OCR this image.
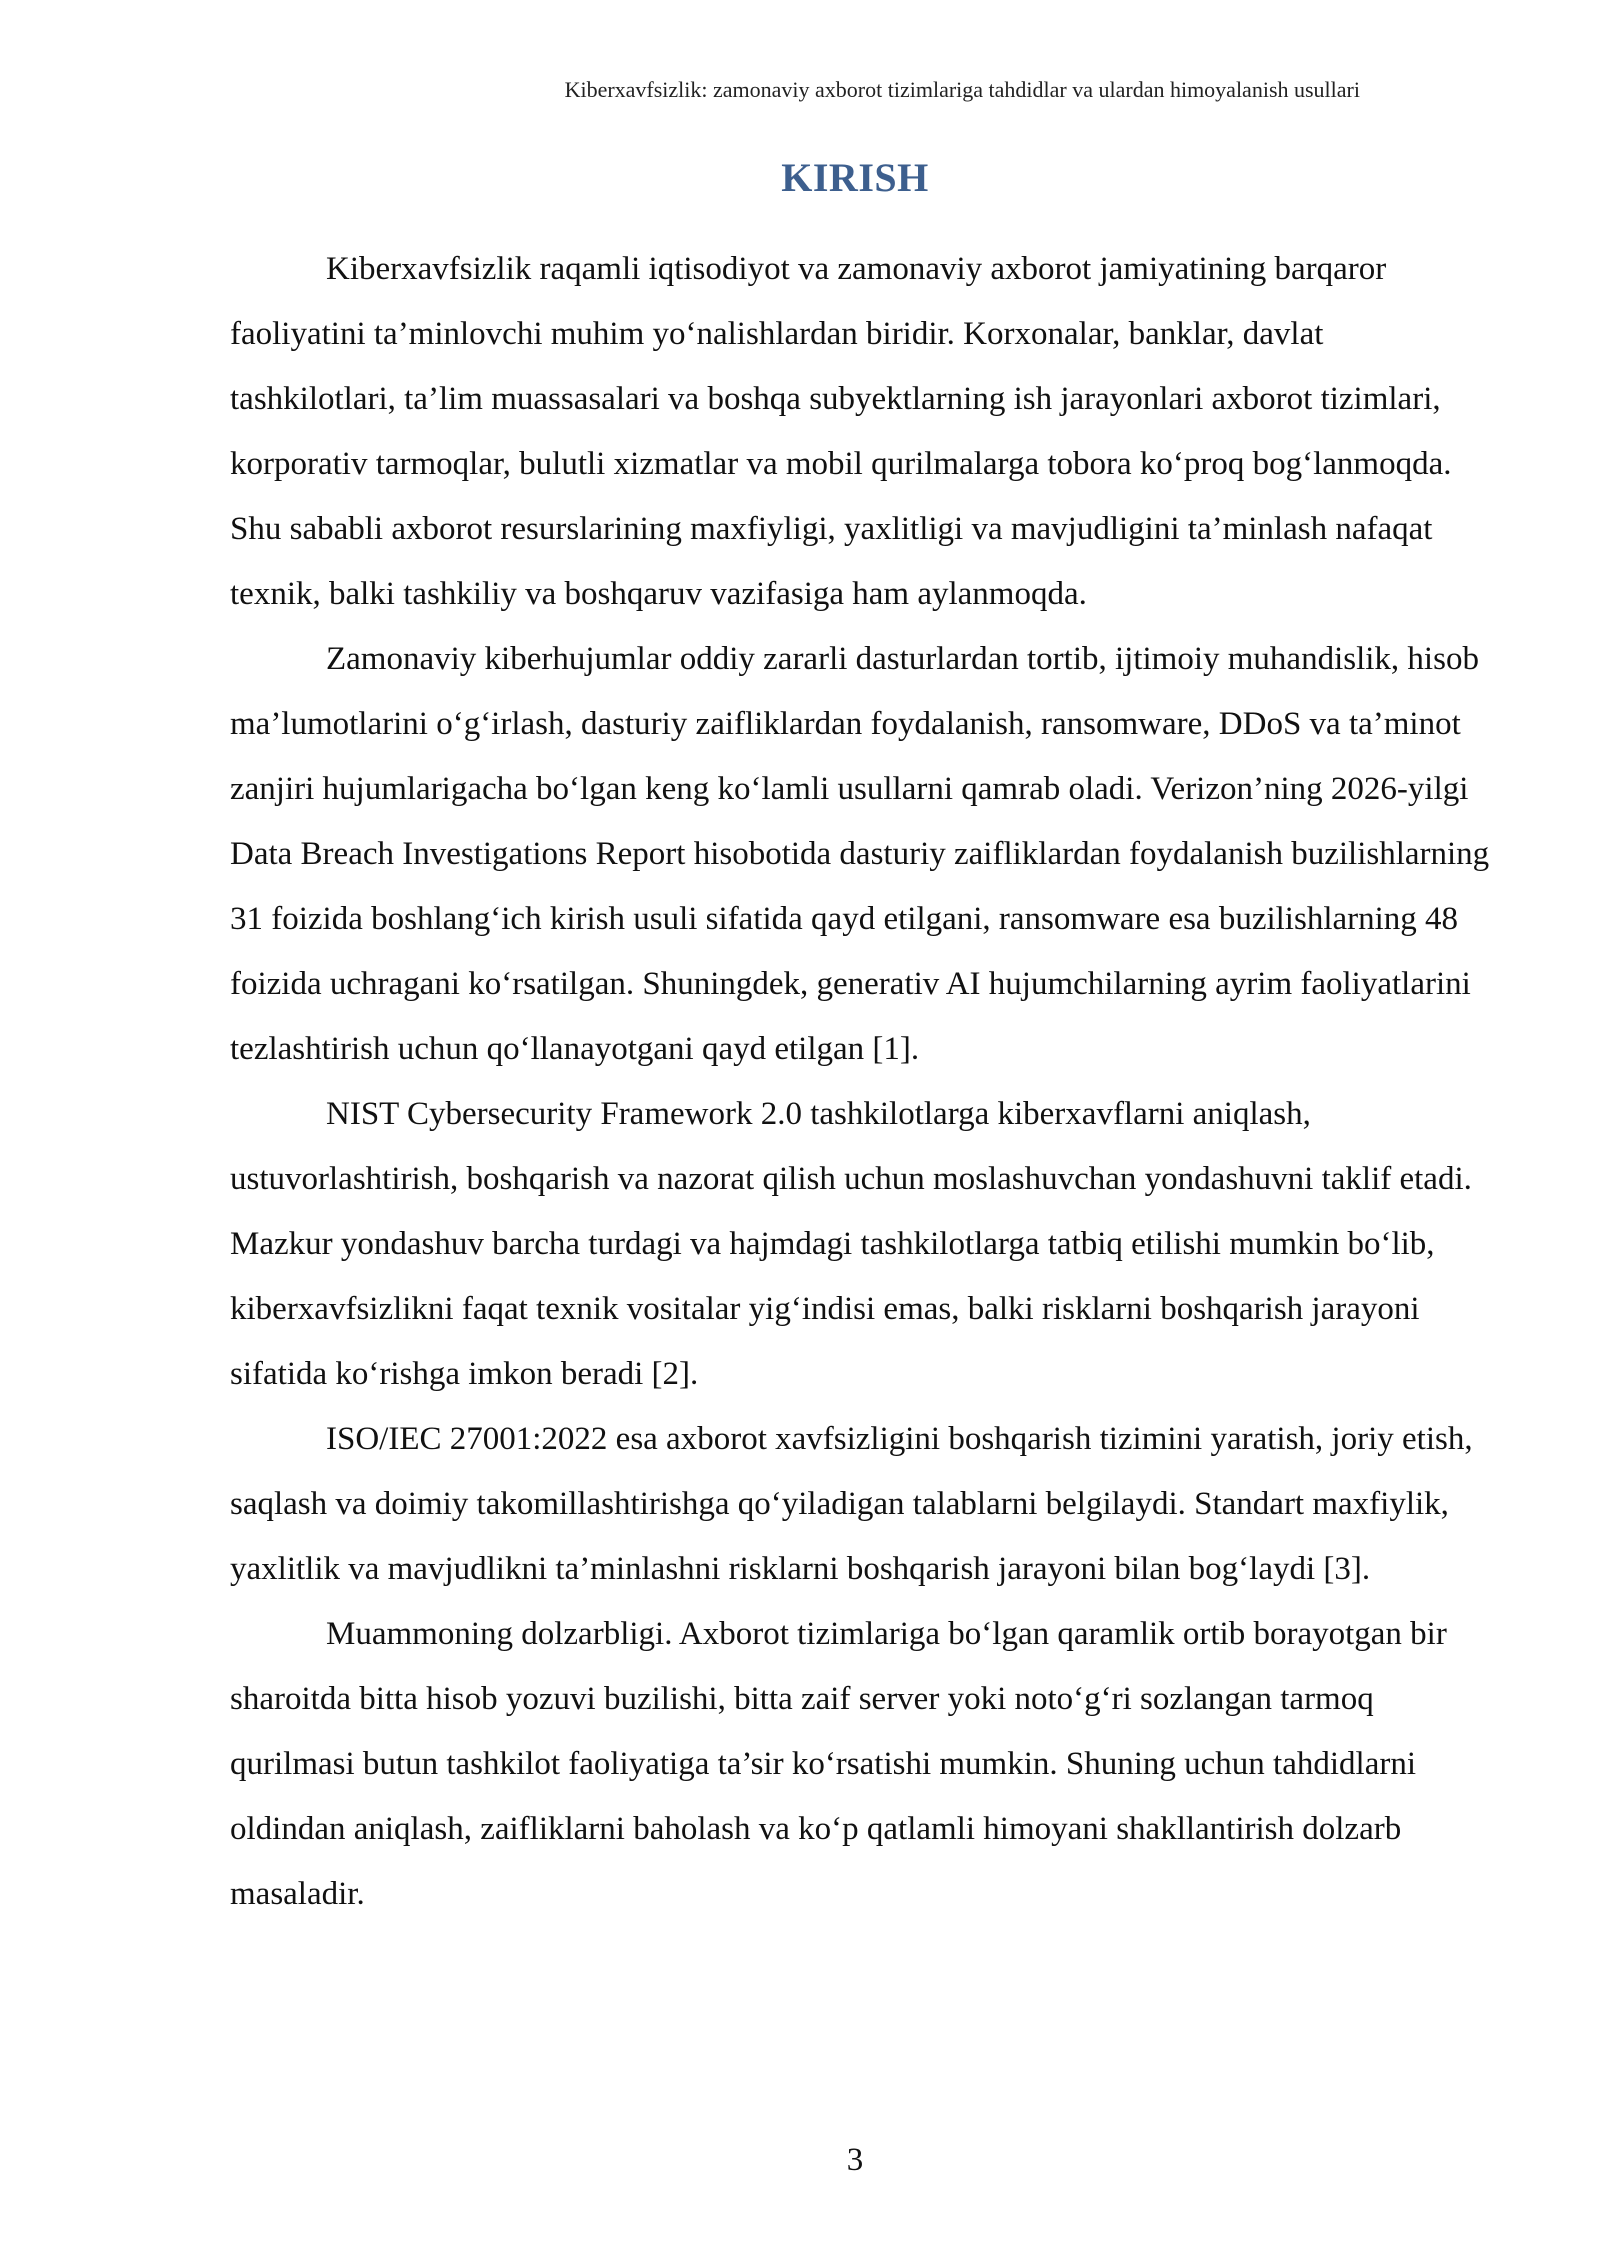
Kiberxavfsizlik: zamonaviy axborot tizimlariga tahdidlar va ulardan himoyalanish usullari
KIRISH

Kiberxavfsizlik raqamli iqtisodiyot va zamonaviy axborot jamiyatining barqaror faoliyatini ta’minlovchi muhim yo‘nalishlardan biridir. Korxonalar, banklar, davlat tashkilotlari, ta’lim muassasalari va boshqa subyektlarning ish jarayonlari axborot tizimlari, korporativ tarmoqlar, bulutli xizmatlar va mobil qurilmalarga tobora ko‘proq bog‘lanmoqda. Shu sababli axborot resurslarining maxfiyligi, yaxlitligi va mavjudligini ta’minlash nafaqat texnik, balki tashkiliy va boshqaruv vazifasiga ham aylanmoqda.

Zamonaviy kiberhujumlar oddiy zararli dasturlardan tortib, ijtimoiy muhandislik, hisob ma’lumotlarini o‘g‘irlash, dasturiy zaifliklardan foydalanish, ransomware, DDoS va ta’minot zanjiri hujumlarigacha bo‘lgan keng ko‘lamli usullarni qamrab oladi. Verizon’ning 2026-yilgi Data Breach Investigations Report hisobotida dasturiy zaifliklardan foydalanish buzilishlarning 31 foizida boshlang‘ich kirish usuli sifatida qayd etilgani, ransomware esa buzilishlarning 48 foizida uchragani ko‘rsatilgan. Shuningdek, generativ AI hujumchilarning ayrim faoliyatlarini tezlashtirish uchun qo‘llanayotgani qayd etilgan [1].

NIST Cybersecurity Framework 2.0 tashkilotlarga kiberxavflarni aniqlash, ustuvorlashtirish, boshqarish va nazorat qilish uchun moslashuvchan yondashuvni taklif etadi. Mazkur yondashuv barcha turdagi va hajmdagi tashkilotlarga tatbiq etilishi mumkin bo‘lib, kiberxavfsizlikni faqat texnik vositalar yig‘indisi emas, balki risklarni boshqarish jarayoni sifatida ko‘rishga imkon beradi [2].

ISO/IEC 27001:2022 esa axborot xavfsizligini boshqarish tizimini yaratish, joriy etish, saqlash va doimiy takomillashtirishga qo‘yiladigan talablarni belgilaydi. Standart maxfiylik, yaxlitlik va mavjudlikni ta’minlashni risklarni boshqarish jarayoni bilan bog‘laydi [3].

Muammoning dolzarbligi. Axborot tizimlariga bo‘lgan qaramlik ortib borayotgan bir sharoitda bitta hisob yozuvi buzilishi, bitta zaif server yoki noto‘g‘ri sozlangan tarmoq qurilmasi butun tashkilot faoliyatiga ta’sir ko‘rsatishi mumkin. Shuning uchun tahdidlarni oldindan aniqlash, zaifliklarni baholash va ko‘p qatlamli himoyani shakllantirish dolzarb masaladir.

3
